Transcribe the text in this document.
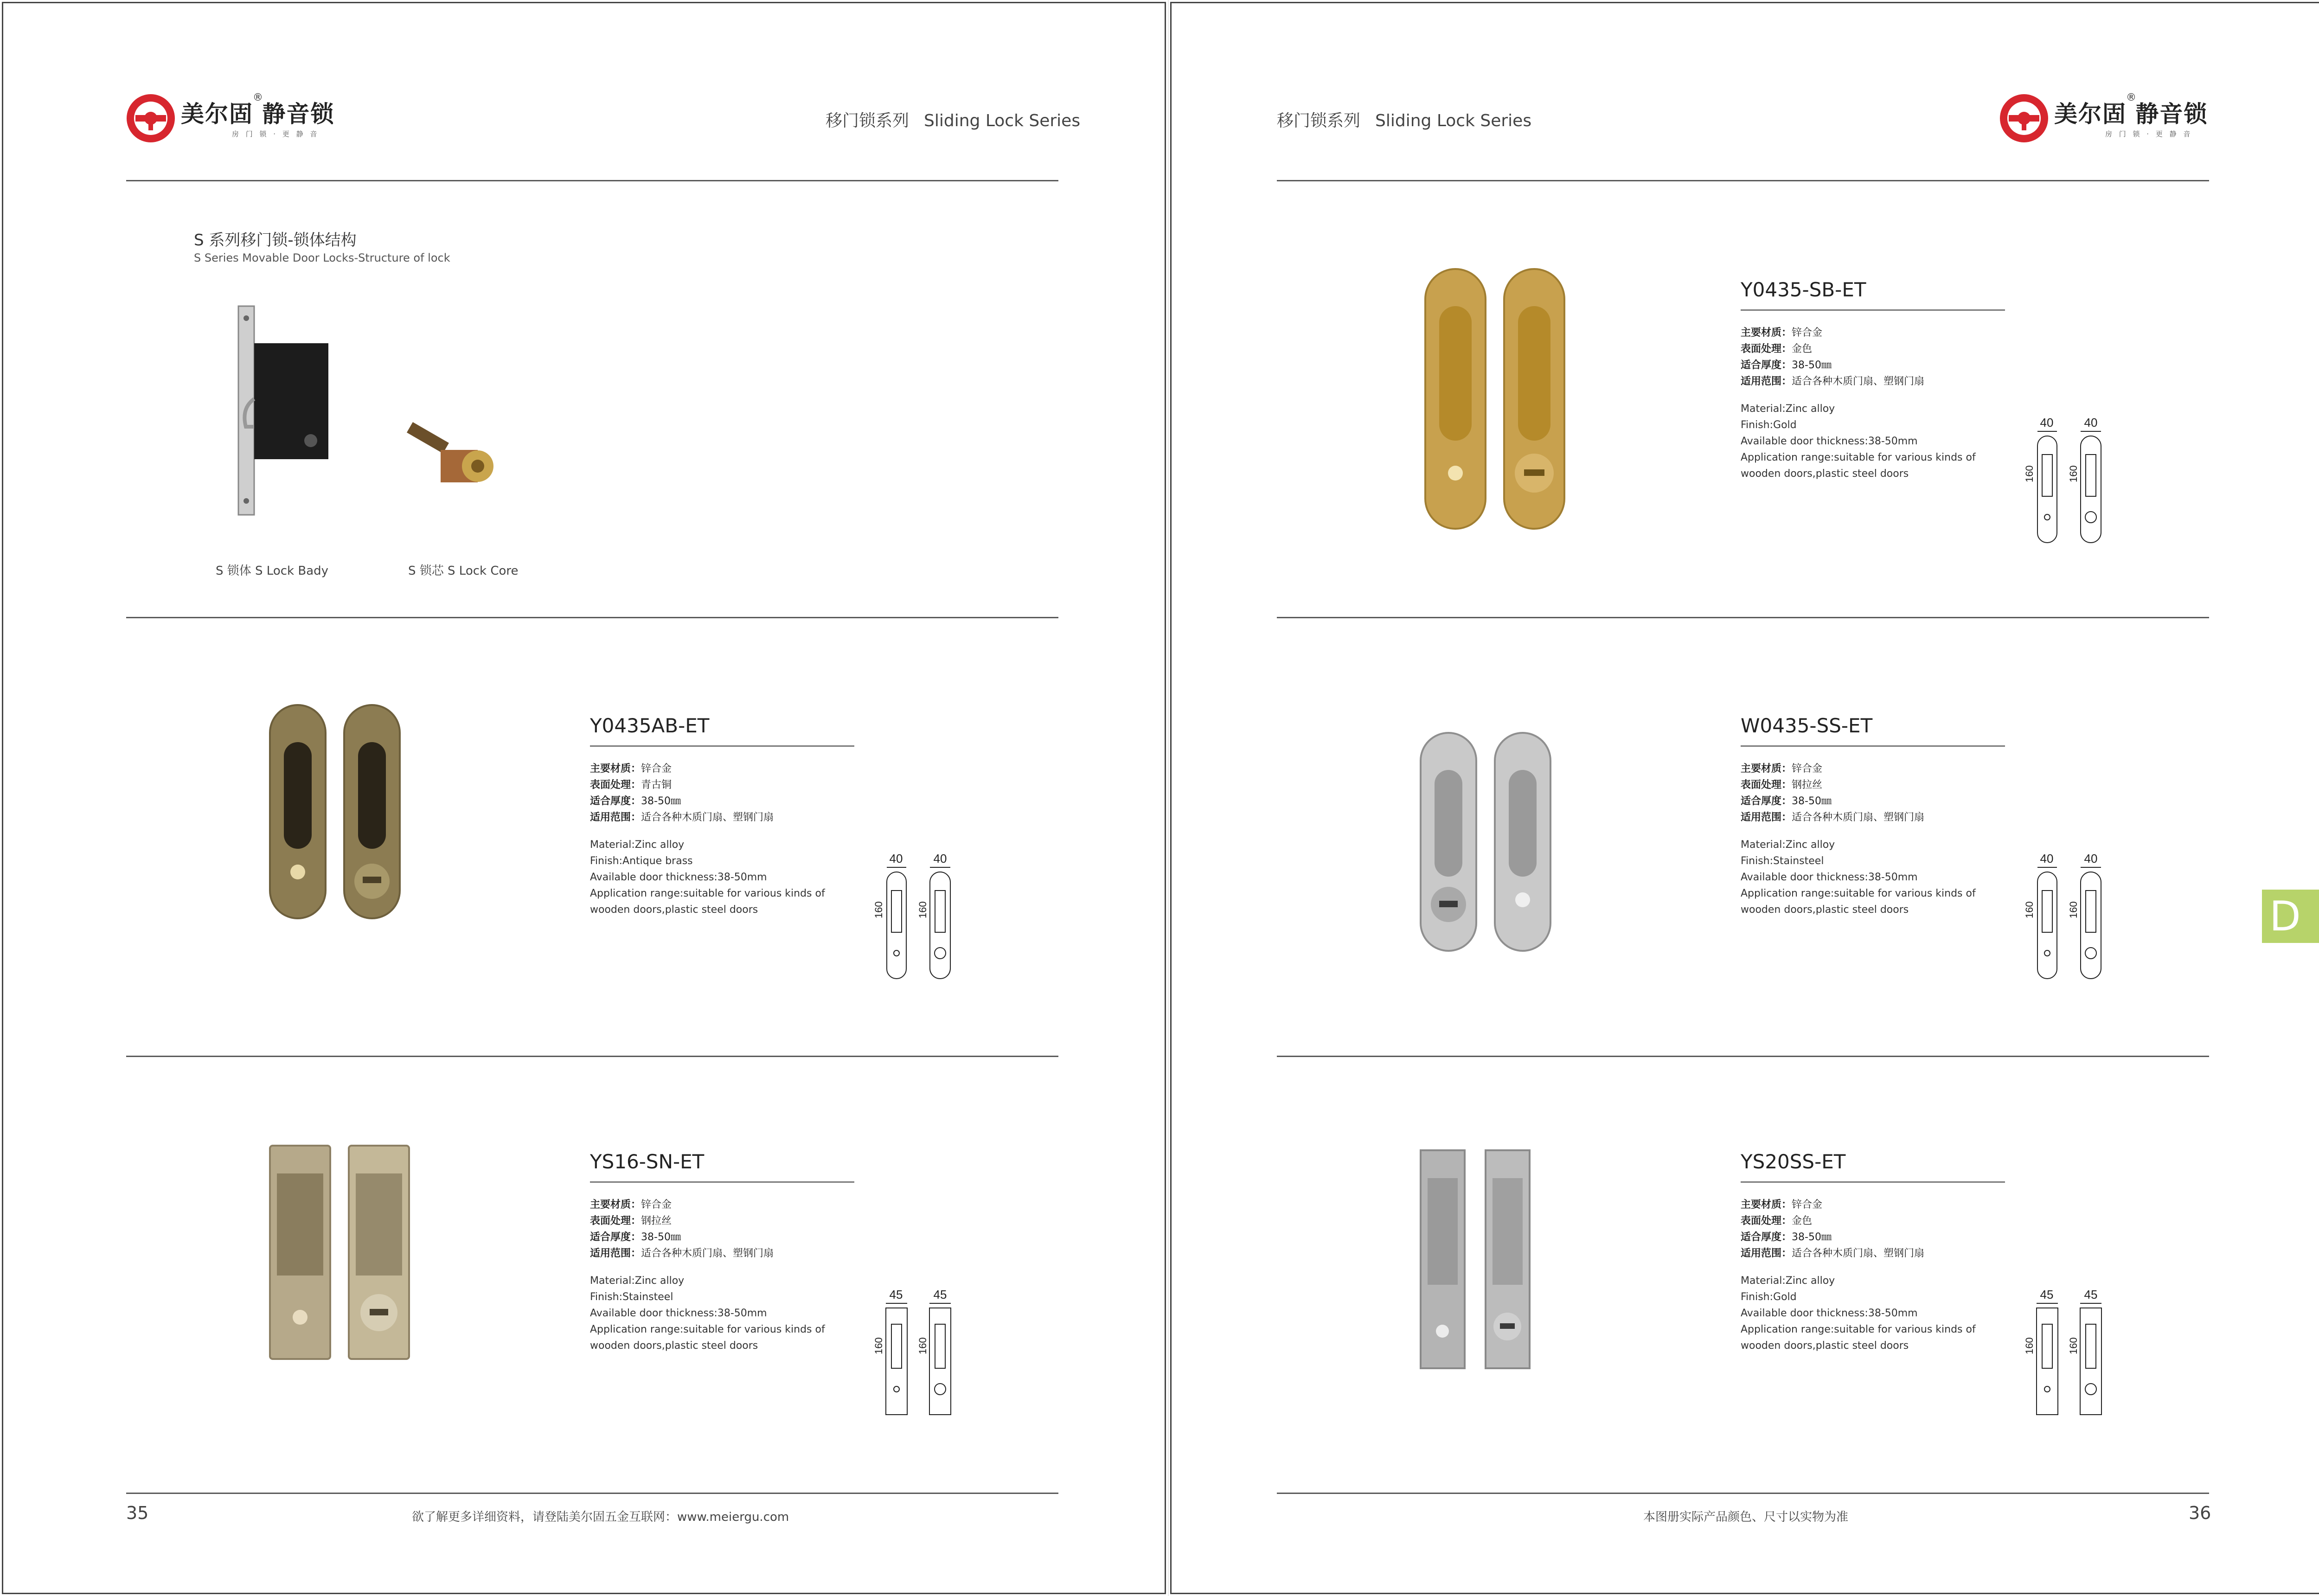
美尔固 静音锁
®
房 门 锁 · 更 静 音
移门锁系列 Sliding Lock Series
S 系列移门锁-锁体结构
S Series Movable Door Locks-Structure of lock
S 锁体 S Lock Bady	S 锁芯 S Lock Core
Y0435AB-ET
主要材质：锌合金
表面处理：青古铜
适合厚度：38-50㎜
适用范围：适合各种木质门扇、塑钢门扇
Material:Zinc alloy
Finish:Antique brass
Available door thickness:38-50mm
Application range:suitable for various kinds of
wooden doors,plastic steel doors
40	40
160	160
YS16-SN-ET
主要材质：锌合金
表面处理：钢拉丝
适合厚度：38-50㎜
适用范围：适合各种木质门扇、塑钢门扇
Material:Zinc alloy
Finish:Stainsteel
Available door thickness:38-50mm
Application range:suitable for various kinds of
wooden doors,plastic steel doors
45	45
160	160
35	欲了解更多详细资料，请登陆美尔固五金互联网：www.meiergu.com
移门锁系列 Sliding Lock Series	美尔固 静音锁
®
房 门 锁 · 更 静 音
Y0435-SB-ET
主要材质：锌合金
表面处理：金色
适合厚度：38-50㎜
适用范围：适合各种木质门扇、塑钢门扇
Material:Zinc alloy
Finish:Gold
Available door thickness:38-50mm
Application range:suitable for various kinds of
wooden doors,plastic steel doors
40	40
160	160
W0435-SS-ET
主要材质：锌合金
表面处理：钢拉丝
适合厚度：38-50㎜
适用范围：适合各种木质门扇、塑钢门扇
Material:Zinc alloy
Finish:Stainsteel
Available door thickness:38-50mm
Application range:suitable for various kinds of
wooden doors,plastic steel doors
40	40
160	160
YS20SS-ET
主要材质：锌合金
表面处理：金色
适合厚度：38-50㎜
适用范围：适合各种木质门扇、塑钢门扇
Material:Zinc alloy
Finish:Gold
Available door thickness:38-50mm
Application range:suitable for various kinds of
wooden doors,plastic steel doors
45	45
160	160
本图册实际产品颜色、尺寸以实物为准	36
D
